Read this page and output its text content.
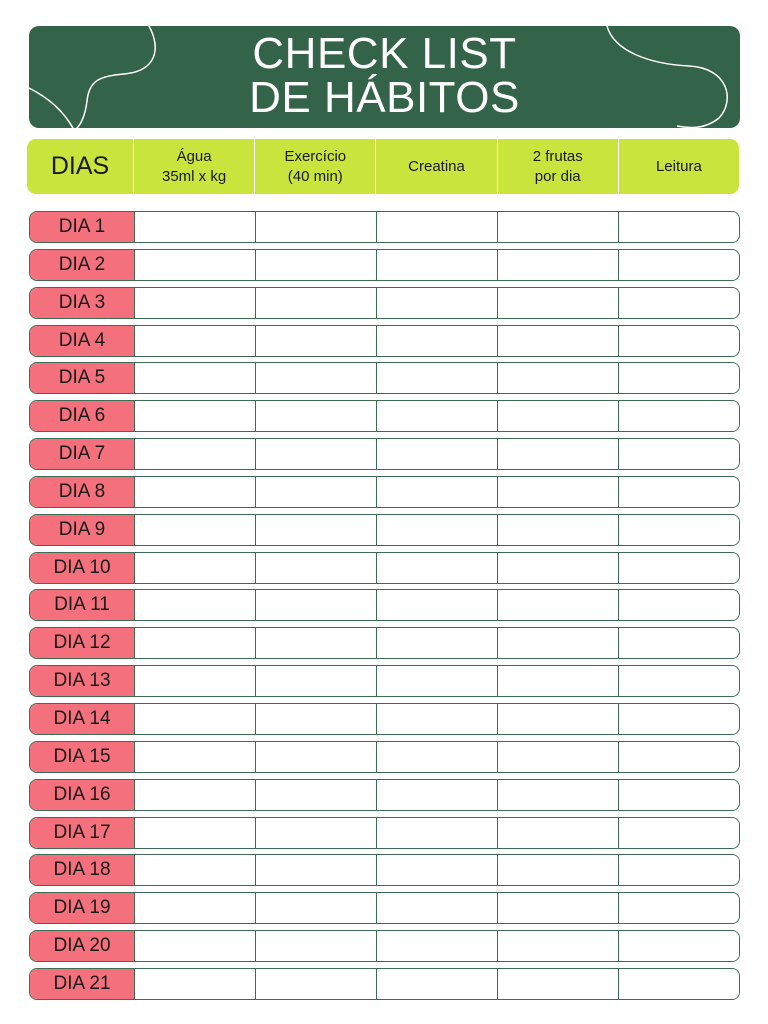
CHECK LIST
DE HÁBITOS
DIAS	Água
35ml x kg
Exercício
(40 min)
Creatina
2 frutas
por dia
Leitura
DIA 1
DIA 2
DIA 3
DIA 4
DIA 5
DIA 6
DIA 7
DIA 8
DIA 9
DIA 10
DIA 11
DIA 12
DIA 13
DIA 14
DIA 15
DIA 16
DIA 17
DIA 18
DIA 19
DIA 20
DIA 21
